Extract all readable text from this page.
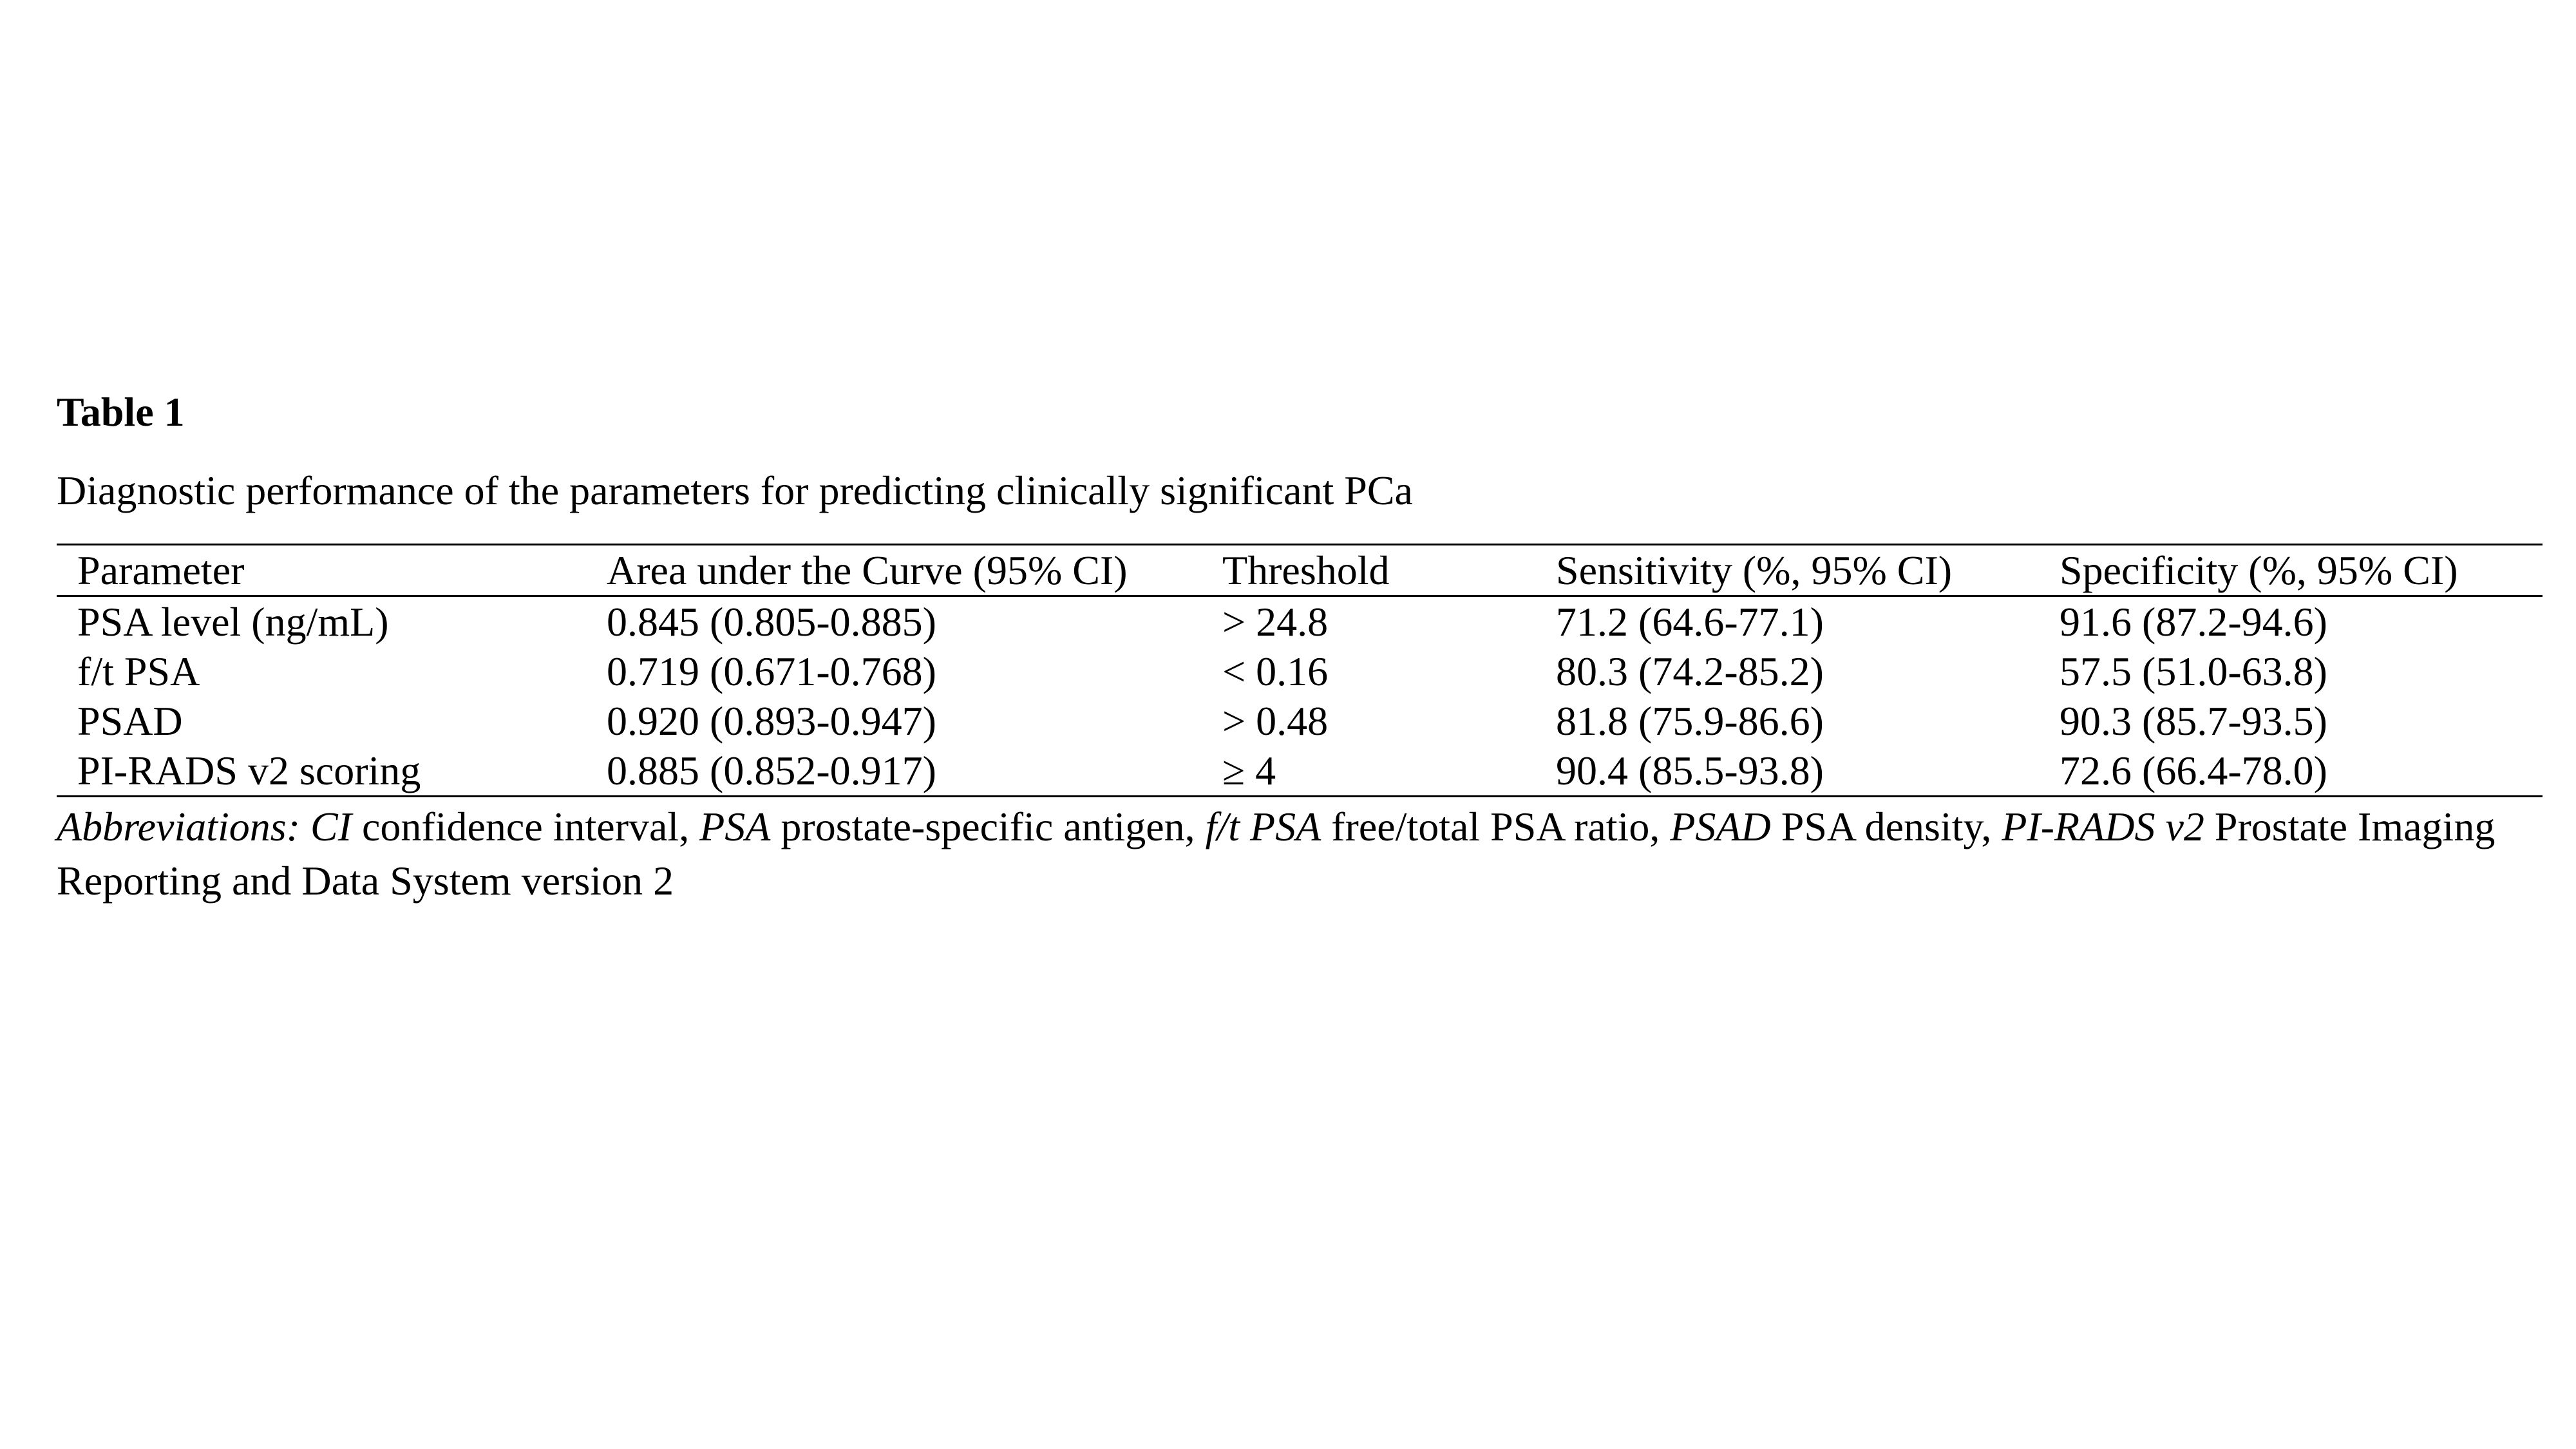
Table 1

Diagnostic performance of the parameters for predicting clinically significant PCa

Parameter	Area under the Curve (95% CI)	Threshold	Sensitivity (%, 95% CI)	Specificity (%, 95% CI)
PSA level (ng/mL)	0.845 (0.805-0.885)	> 24.8	71.2 (64.6-77.1)	91.6 (87.2-94.6)
f/t PSA	0.719 (0.671-0.768)	< 0.16	80.3 (74.2-85.2)	57.5 (51.0-63.8)
PSAD	0.920 (0.893-0.947)	> 0.48	81.8 (75.9-86.6)	90.3 (85.7-93.5)
PI-RADS v2 scoring	0.885 (0.852-0.917)	≥ 4	90.4 (85.5-93.8)	72.6 (66.4-78.0)

Abbreviations: CI confidence interval, PSA prostate-specific antigen, f/t PSA free/total PSA ratio, PSAD PSA density, PI-RADS v2 Prostate Imaging Reporting and Data System version 2
